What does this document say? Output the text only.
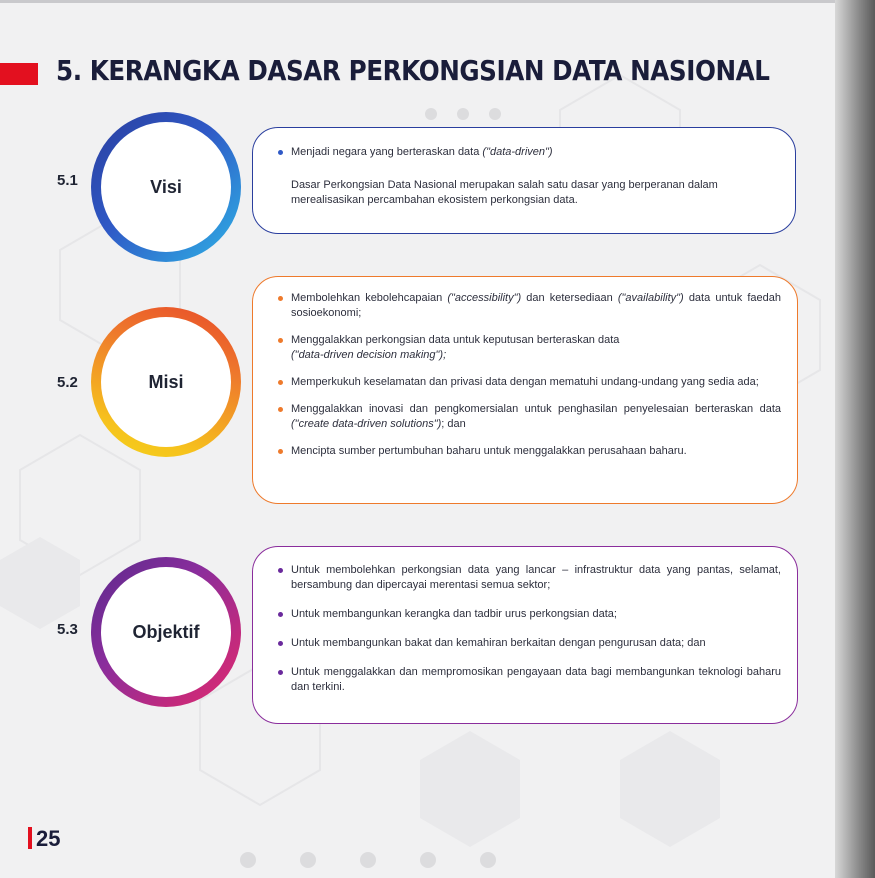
5. KERANGKA DASAR PERKONGSIAN DATA NASIONAL
5.1	Visi
Menjadi negara yang berteraskan data ("data-driven")

Dasar Perkongsian Data Nasional merupakan salah satu dasar yang berperanan dalam merealisasikan percambahan ekosistem perkongsian data.

5.2	Misi
Membolehkan kebolehcapaian ("accessibility") dan ketersediaan ("availability") data untuk faedah sosioekonomi;
Menggalakkan perkongsian data untuk keputusan berteraskan data
("data-driven decision making");
Memperkukuh keselamatan dan privasi data dengan mematuhi undang-undang yang sedia ada;
Menggalakkan inovasi dan pengkomersialan untuk penghasilan penyelesaian berteraskan data ("create data-driven solutions"); dan
Mencipta sumber pertumbuhan baharu untuk menggalakkan perusahaan baharu.
5.3	Objektif
Untuk membolehkan perkongsian data yang lancar – infrastruktur data yang pantas, selamat, bersambung dan dipercayai merentasi semua sektor;
Untuk membangunkan kerangka dan tadbir urus perkongsian data;
Untuk membangunkan bakat dan kemahiran berkaitan dengan pengurusan data; dan
Untuk menggalakkan dan mempromosikan pengayaan data bagi membangunkan teknologi baharu dan terkini.
25
